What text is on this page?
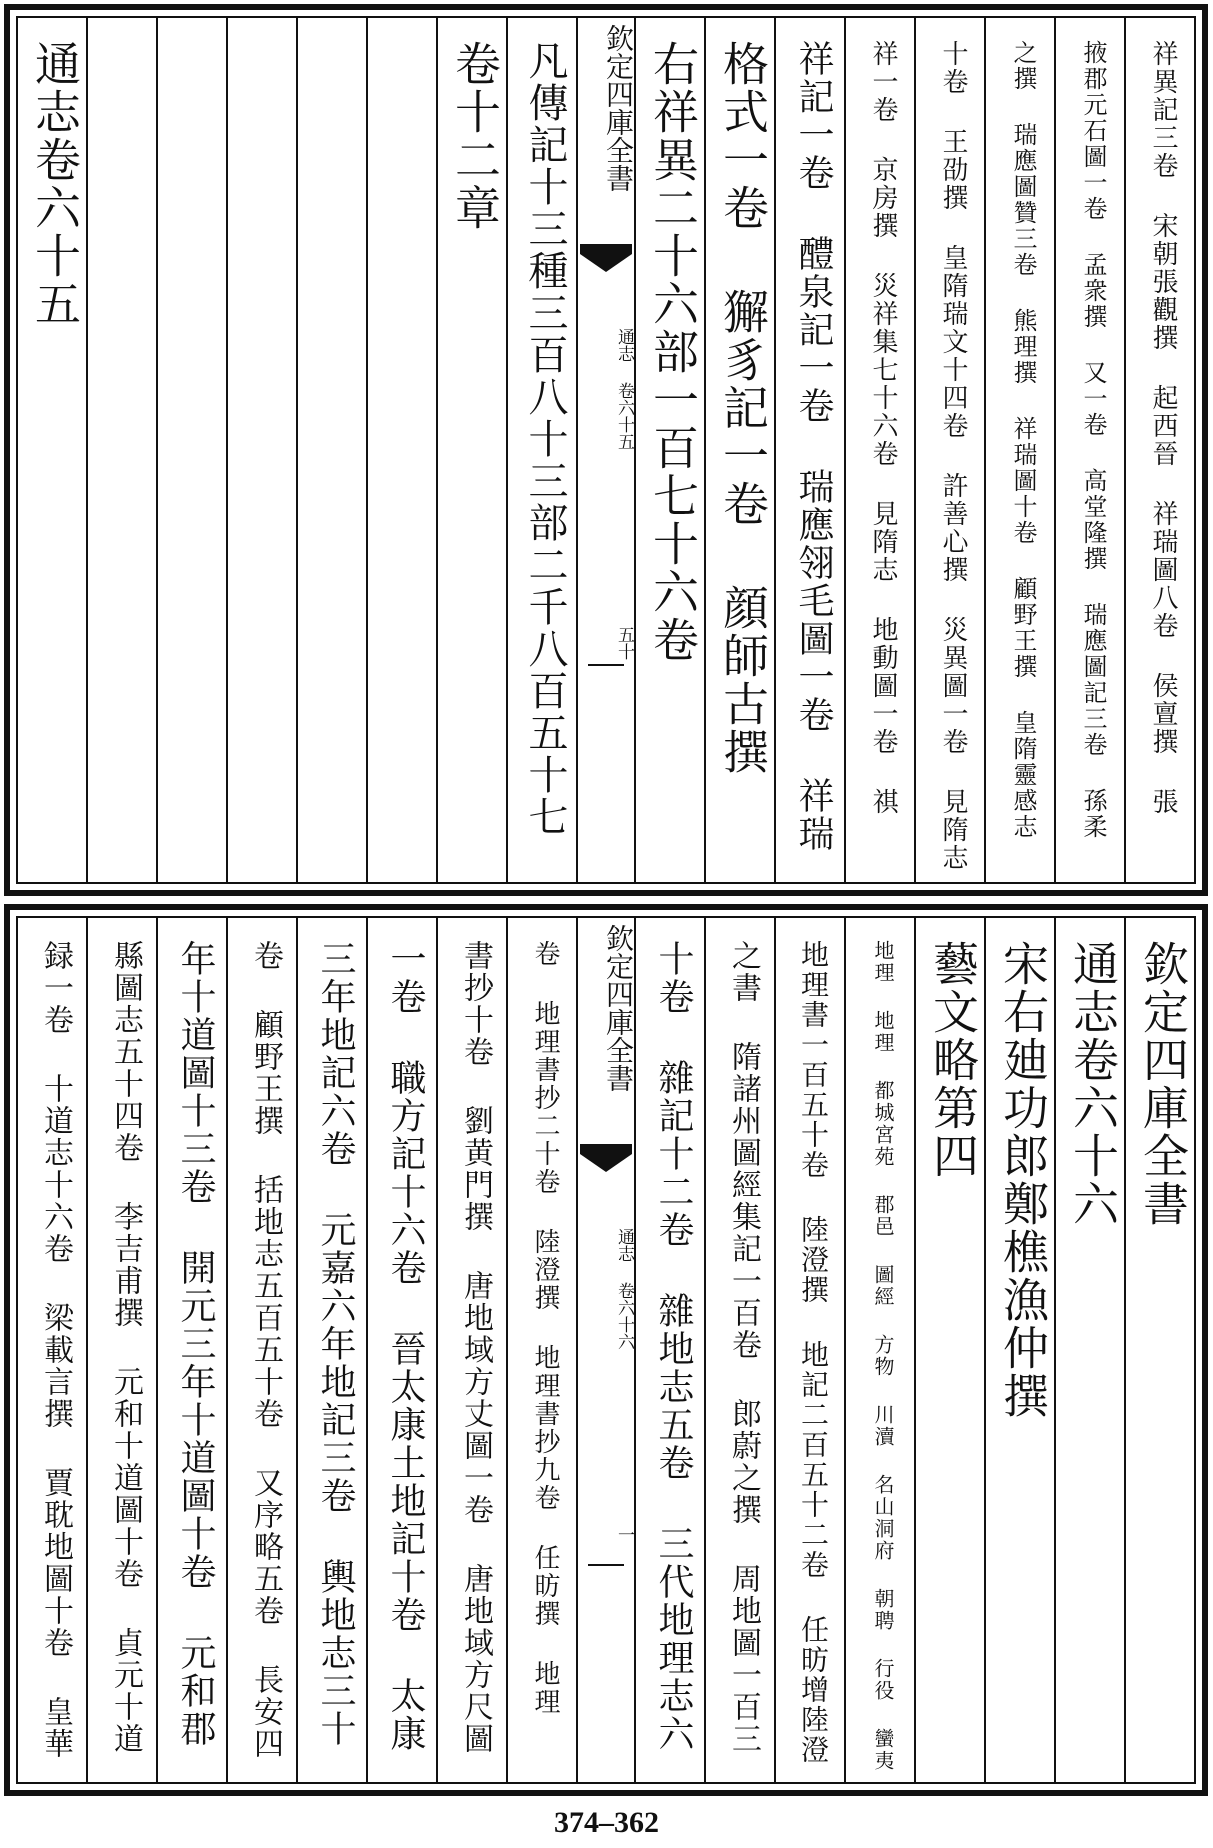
祥異記三卷 宋朝張觀撰 起西晉 祥瑞圖八卷 侯亶撰 張
掖郡元石圖一卷 孟衆撰 又一卷 高堂隆撰 瑞應圖記三卷 孫柔
之撰 瑞應圖贊三卷 熊理撰 祥瑞圖十卷 顧野王撰 皇隋靈感志
十卷 王劭撰 皇隋瑞文十四卷 許善心撰 災異圖一卷 見隋志
祥一卷 京房撰 災祥集七十六卷 見隋志 地動圖一卷 祺
祥記一卷 醴泉記一卷 瑞應翎毛圖一卷 祥瑞
格式一卷 獬豸記一卷 顔師古撰
右祥異二十六部一百七十六卷
欽定四庫全書
通志 卷六十五
五十
凡傳記十三種三百八十三部二千八百五十七
卷十二章
通志卷六十五
欽定四庫全書
通志卷六十六
宋右廸功郎鄭樵漁仲撰
藝文略第四
地理 地理 都城宮苑 郡邑 圖經 方物 川瀆 名山洞府 朝聘 行役 蠻夷
地理書一百五十卷 陸澄撰 地記二百五十二卷 任昉增陸澄
之書 隋諸州圖經集記一百卷 郎蔚之撰 周地圖一百三
十卷 雜記十二卷 雜地志五卷 三代地理志六
欽定四庫全書
通志 卷六十六
一
卷 地理書抄二十卷 陸澄撰 地理書抄九卷 任昉撰 地理
書抄十卷 劉黄門撰 唐地域方丈圖一卷 唐地域方尺圖
一卷 職方記十六卷 晉太康土地記十卷 太康
三年地記六卷 元嘉六年地記三卷 輿地志三十
卷 顧野王撰 括地志五百五十卷 又序略五卷 長安四
年十道圖十三卷 開元三年十道圖十卷 元和郡
縣圖志五十四卷 李吉甫撰 元和十道圖十卷 貞元十道
録一卷 十道志十六卷 梁載言撰 賈耽地圖十卷 皇華
374–362
